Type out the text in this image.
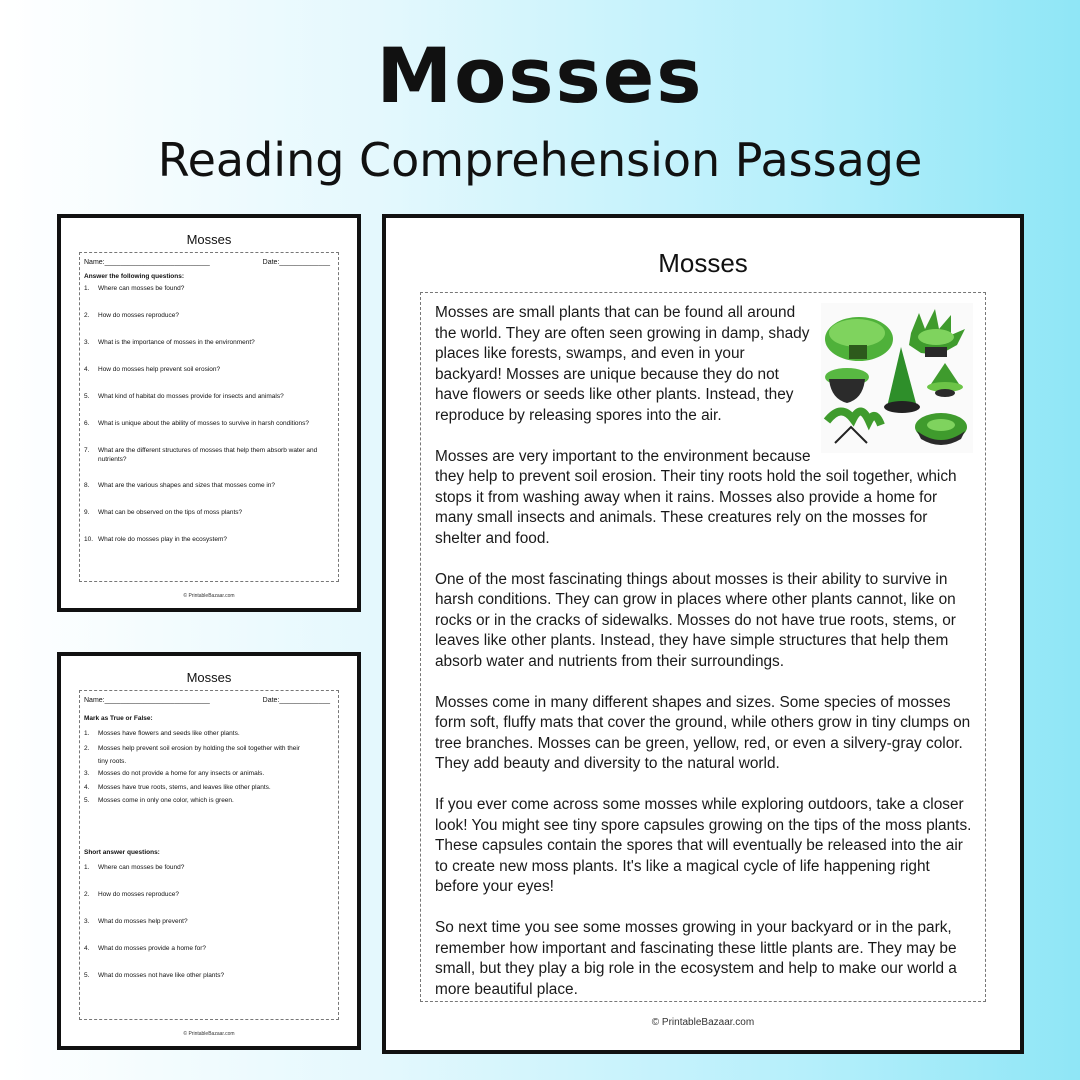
Mosses
Reading Comprehension Passage
Mosses
Name:___________________________	Date:_____________
Answer the following questions:
1.	Where can mosses be found?
2.	How do mosses reproduce?
3.	What is the importance of mosses in the environment?
4.	How do mosses help prevent soil erosion?
5.	What kind of habitat do mosses provide for insects and animals?
6.	What is unique about the ability of mosses to survive in harsh conditions?
7.	What are the different structures of mosses that help them absorb water and nutrients?
8.	What are the various shapes and sizes that mosses come in?
9.	What can be observed on the tips of moss plants?
10. What role do mosses play in the ecosystem?
© PrintableBazaar.com
Mosses
Name:___________________________	Date:_____________
Mark as True or False:
1.	Mosses have flowers and seeds like other plants.
2.	Mosses help prevent soil erosion by holding the soil together with their tiny roots.
3.	Mosses do not provide a home for any insects or animals.
4.	Mosses have true roots, stems, and leaves like other plants.
5.	Mosses come in only one color, which is green.
Short answer questions:
1.	Where can mosses be found?
2.	How do mosses reproduce?
3.	What do mosses help prevent?
4.	What do mosses provide a home for?
5.	What do mosses not have like other plants?
© PrintableBazaar.com
Mosses

Mosses are small plants that can be found all around the world. They are often seen growing in damp, shady places like forests, swamps, and even in your backyard! Mosses are unique because they do not have flowers or seeds like other plants. Instead, they reproduce by releasing spores into the air.

Mosses are very important to the environment because they help to prevent soil erosion. Their tiny roots hold the soil together, which stops it from washing away when it rains. Mosses also provide a home for many small insects and animals. These creatures rely on the mosses for shelter and food.

One of the most fascinating things about mosses is their ability to survive in harsh conditions. They can grow in places where other plants cannot, like on rocks or in the cracks of sidewalks. Mosses do not have true roots, stems, or leaves like other plants. Instead, they have simple structures that help them absorb water and nutrients from their surroundings.

Mosses come in many different shapes and sizes. Some species of mosses form soft, fluffy mats that cover the ground, while others grow in tiny clumps on tree branches. Mosses can be green, yellow, red, or even a silvery-gray color. They add beauty and diversity to the natural world.

If you ever come across some mosses while exploring outdoors, take a closer look! You might see tiny spore capsules growing on the tips of the moss plants. These capsules contain the spores that will eventually be released into the air to create new moss plants. It's like a magical cycle of life happening right before your eyes!

So next time you see some mosses growing in your backyard or in the park, remember how important and fascinating these little plants are. They may be small, but they play a big role in the ecosystem and help to make our world a more beautiful place.

© PrintableBazaar.com
